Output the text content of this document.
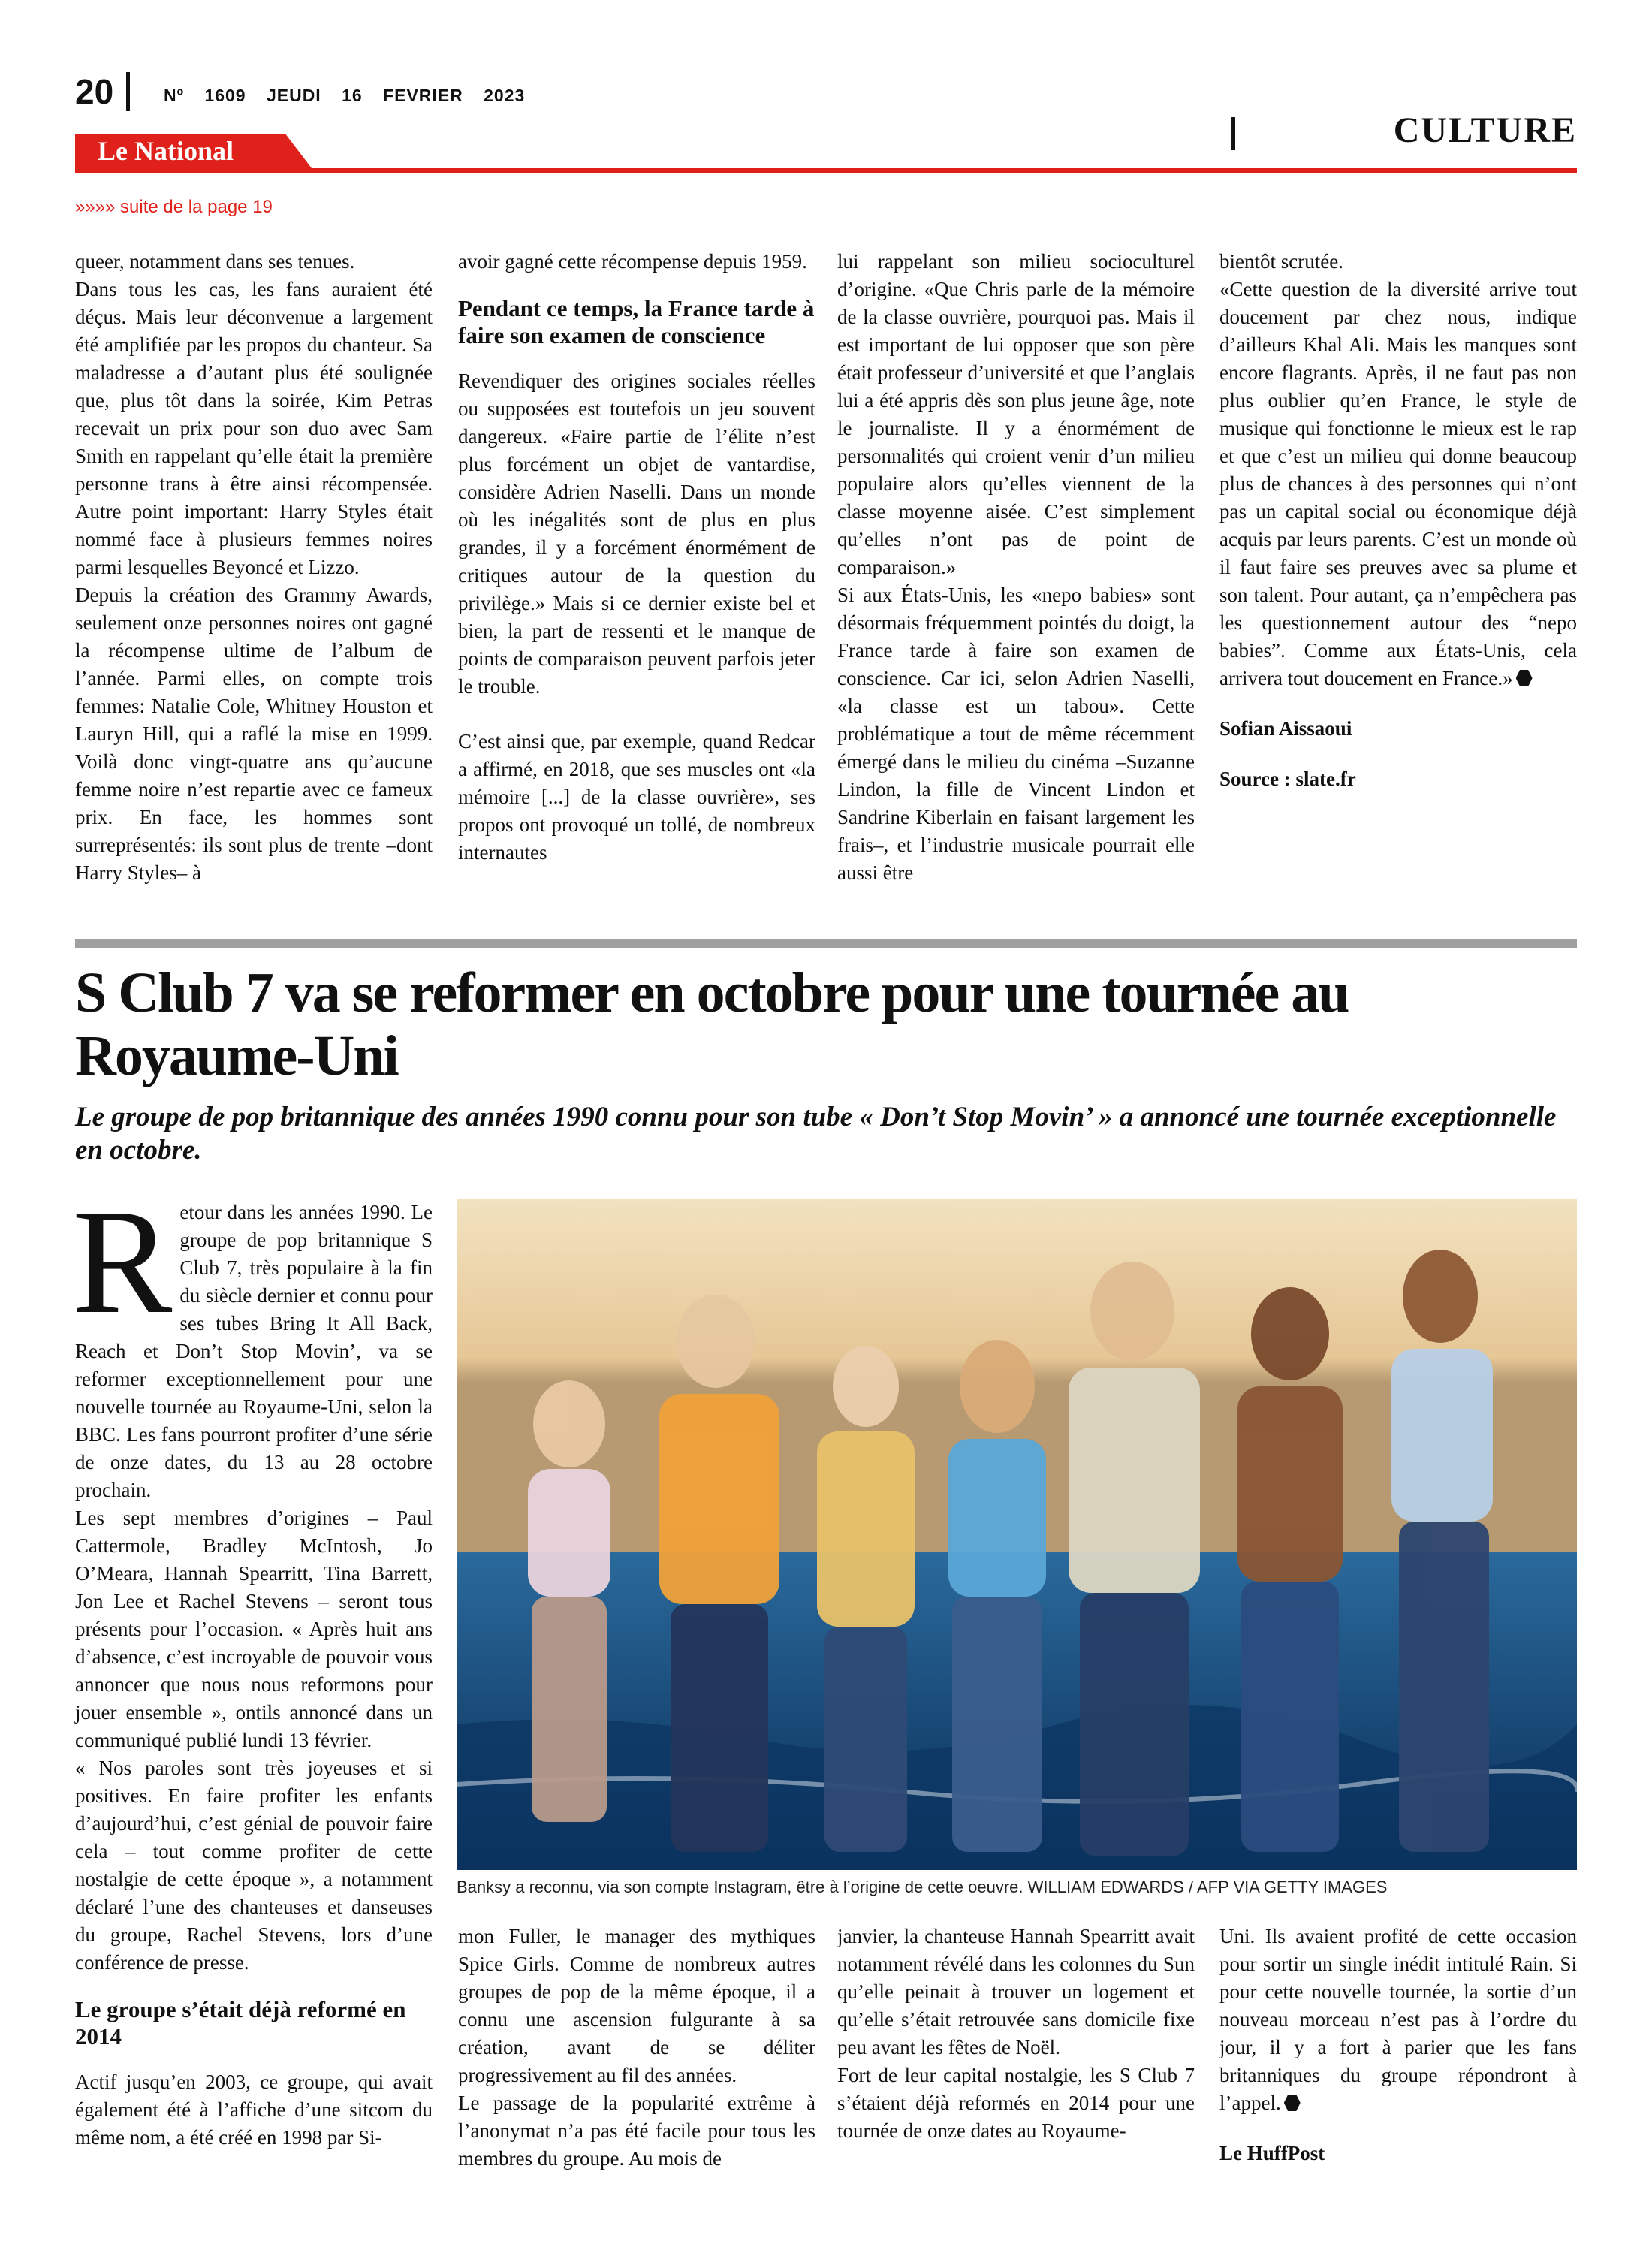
20	Nº 1609 JEUDI 16 FEVRIER 2023
CULTURE
Le National
»»»» suite de la page 19

queer, notamment dans ses tenues.

Dans tous les cas, les fans auraient été déçus. Mais leur déconvenue a largement été amplifiée par les propos du chanteur. Sa maladresse a d’autant plus été soulignée que, plus tôt dans la soirée, Kim Petras recevait un prix pour son duo avec Sam Smith en rappelant qu’elle était la première personne trans à être ainsi récompensée. Autre point important: Harry Styles était nommé face à plusieurs femmes noires parmi lesquelles Beyoncé et Lizzo.

Depuis la création des Grammy Awards, seulement onze personnes noires ont gagné la récompense ultime de l’album de l’année. Parmi elles, on compte trois femmes: Natalie Cole, Whitney Houston et Lauryn Hill, qui a raflé la mise en 1999. Voilà donc vingt-quatre ans qu’aucune femme noire n’est repartie avec ce fameux prix. En face, les hommes sont surreprésentés: ils sont plus de trente –dont Harry Styles– à

avoir gagné cette récompense depuis 1959.

Pendant ce temps, la France tarde à faire son examen de conscience

Revendiquer des origines sociales réelles ou supposées est toutefois un jeu souvent dangereux. «Faire partie de l’élite n’est plus forcément un objet de vantardise, considère Adrien Naselli. Dans un monde où les inégalités sont de plus en plus grandes, il y a forcément énormément de critiques autour de la question du privilège.» Mais si ce dernier existe bel et bien, la part de ressenti et le manque de points de comparaison peuvent parfois jeter le trouble.

C’est ainsi que, par exemple, quand Redcar a affirmé, en 2018, que ses muscles ont «la mémoire [...] de la classe ouvrière», ses propos ont provoqué un tollé, de nombreux internautes

lui rappelant son milieu socioculturel d’origine. «Que Chris parle de la mémoire de la classe ouvrière, pourquoi pas. Mais il est important de lui opposer que son père était professeur d’université et que l’anglais lui a été appris dès son plus jeune âge, note le journaliste. Il y a énormément de personnalités qui croient venir d’un milieu populaire alors qu’elles viennent de la classe moyenne aisée. C’est simplement qu’elles n’ont pas de point de comparaison.»

Si aux États-Unis, les «nepo babies» sont désormais fréquemment pointés du doigt, la France tarde à faire son examen de conscience. Car ici, selon Adrien Naselli, «la classe est un tabou». Cette problématique a tout de même récemment émergé dans le milieu du cinéma –Suzanne Lindon, la fille de Vincent Lindon et Sandrine Kiberlain en faisant largement les frais–, et l’industrie musicale pourrait elle aussi être

bientôt scrutée.

«Cette question de la diversité arrive tout doucement par chez nous, indique d’ailleurs Khal Ali. Mais les manques sont encore flagrants. Après, il ne faut pas non plus oublier qu’en France, le style de musique qui fonctionne le mieux est le rap et que c’est un milieu qui donne beaucoup plus de chances à des personnes qui n’ont pas un capital social ou économique déjà acquis par leurs parents. C’est un monde où il faut faire ses preuves avec sa plume et son talent. Pour autant, ça n’empêchera pas les questionnement autour des “nepo babies”. Comme aux États-Unis, cela arrivera tout doucement en France.»

Sofian Aissaoui

Source : slate.fr

S Club 7 va se reformer en octobre pour une tournée au Royaume-Uni
Le groupe de pop britannique des années 1990 connu pour son tube « Don’t Stop Movin’ » a annoncé une tournée exceptionnelle en octobre.

Retour dans les années 1990. Le groupe de pop britannique S Club 7, très populaire à la fin du siècle dernier et connu pour ses tubes Bring It All Back, Reach et Don’t Stop Movin’, va se reformer exceptionnellement pour une nouvelle tournée au Royaume-Uni, selon la BBC. Les fans pourront profiter d’une série de onze dates, du 13 au 28 octobre prochain.

Les sept membres d’origines – Paul Cattermole, Bradley McIntosh, Jo O’Meara, Hannah Spearritt, Tina Barrett, Jon Lee et Rachel Stevens – seront tous présents pour l’occasion. « Après huit ans d’absence, c’est incroyable de pouvoir vous annoncer que nous nous reformons pour jouer ensemble », ontils annoncé dans un communiqué publié lundi 13 février.

« Nos paroles sont très joyeuses et si positives. En faire profiter les enfants d’aujourd’hui, c’est génial de pouvoir faire cela – tout comme profiter de cette nostalgie de cette époque », a notamment déclaré l’une des chanteuses et danseuses du groupe, Rachel Stevens, lors d’une conférence de presse.

Le groupe s’était déjà reformé en 2014

Actif jusqu’en 2003, ce groupe, qui avait également été à l’affiche d’une sitcom du même nom, a été créé en 1998 par Si-

Banksy a reconnu, via son compte Instagram, être à l’origine de cette oeuvre. WILLIAM EDWARDS / AFP VIA GETTY IMAGES

mon Fuller, le manager des mythiques Spice Girls. Comme de nombreux autres groupes de pop de la même époque, il a connu une ascension fulgurante à sa création, avant de se déliter progressivement au fil des années.

Le passage de la popularité extrême à l’anonymat n’a pas été facile pour tous les membres du groupe. Au mois de

janvier, la chanteuse Hannah Spearritt avait notamment révélé dans les colonnes du Sun qu’elle peinait à trouver un logement et qu’elle s’était retrouvée sans domicile fixe peu avant les fêtes de Noël.

Fort de leur capital nostalgie, les S Club 7 s’étaient déjà reformés en 2014 pour une tournée de onze dates au Royaume-

Uni. Ils avaient profité de cette occasion pour sortir un single inédit intitulé Rain. Si pour cette nouvelle tournée, la sortie d’un nouveau morceau n’est pas à l’ordre du jour, il y a fort à parier que les fans britanniques du groupe répondront à l’appel.

Le HuffPost
